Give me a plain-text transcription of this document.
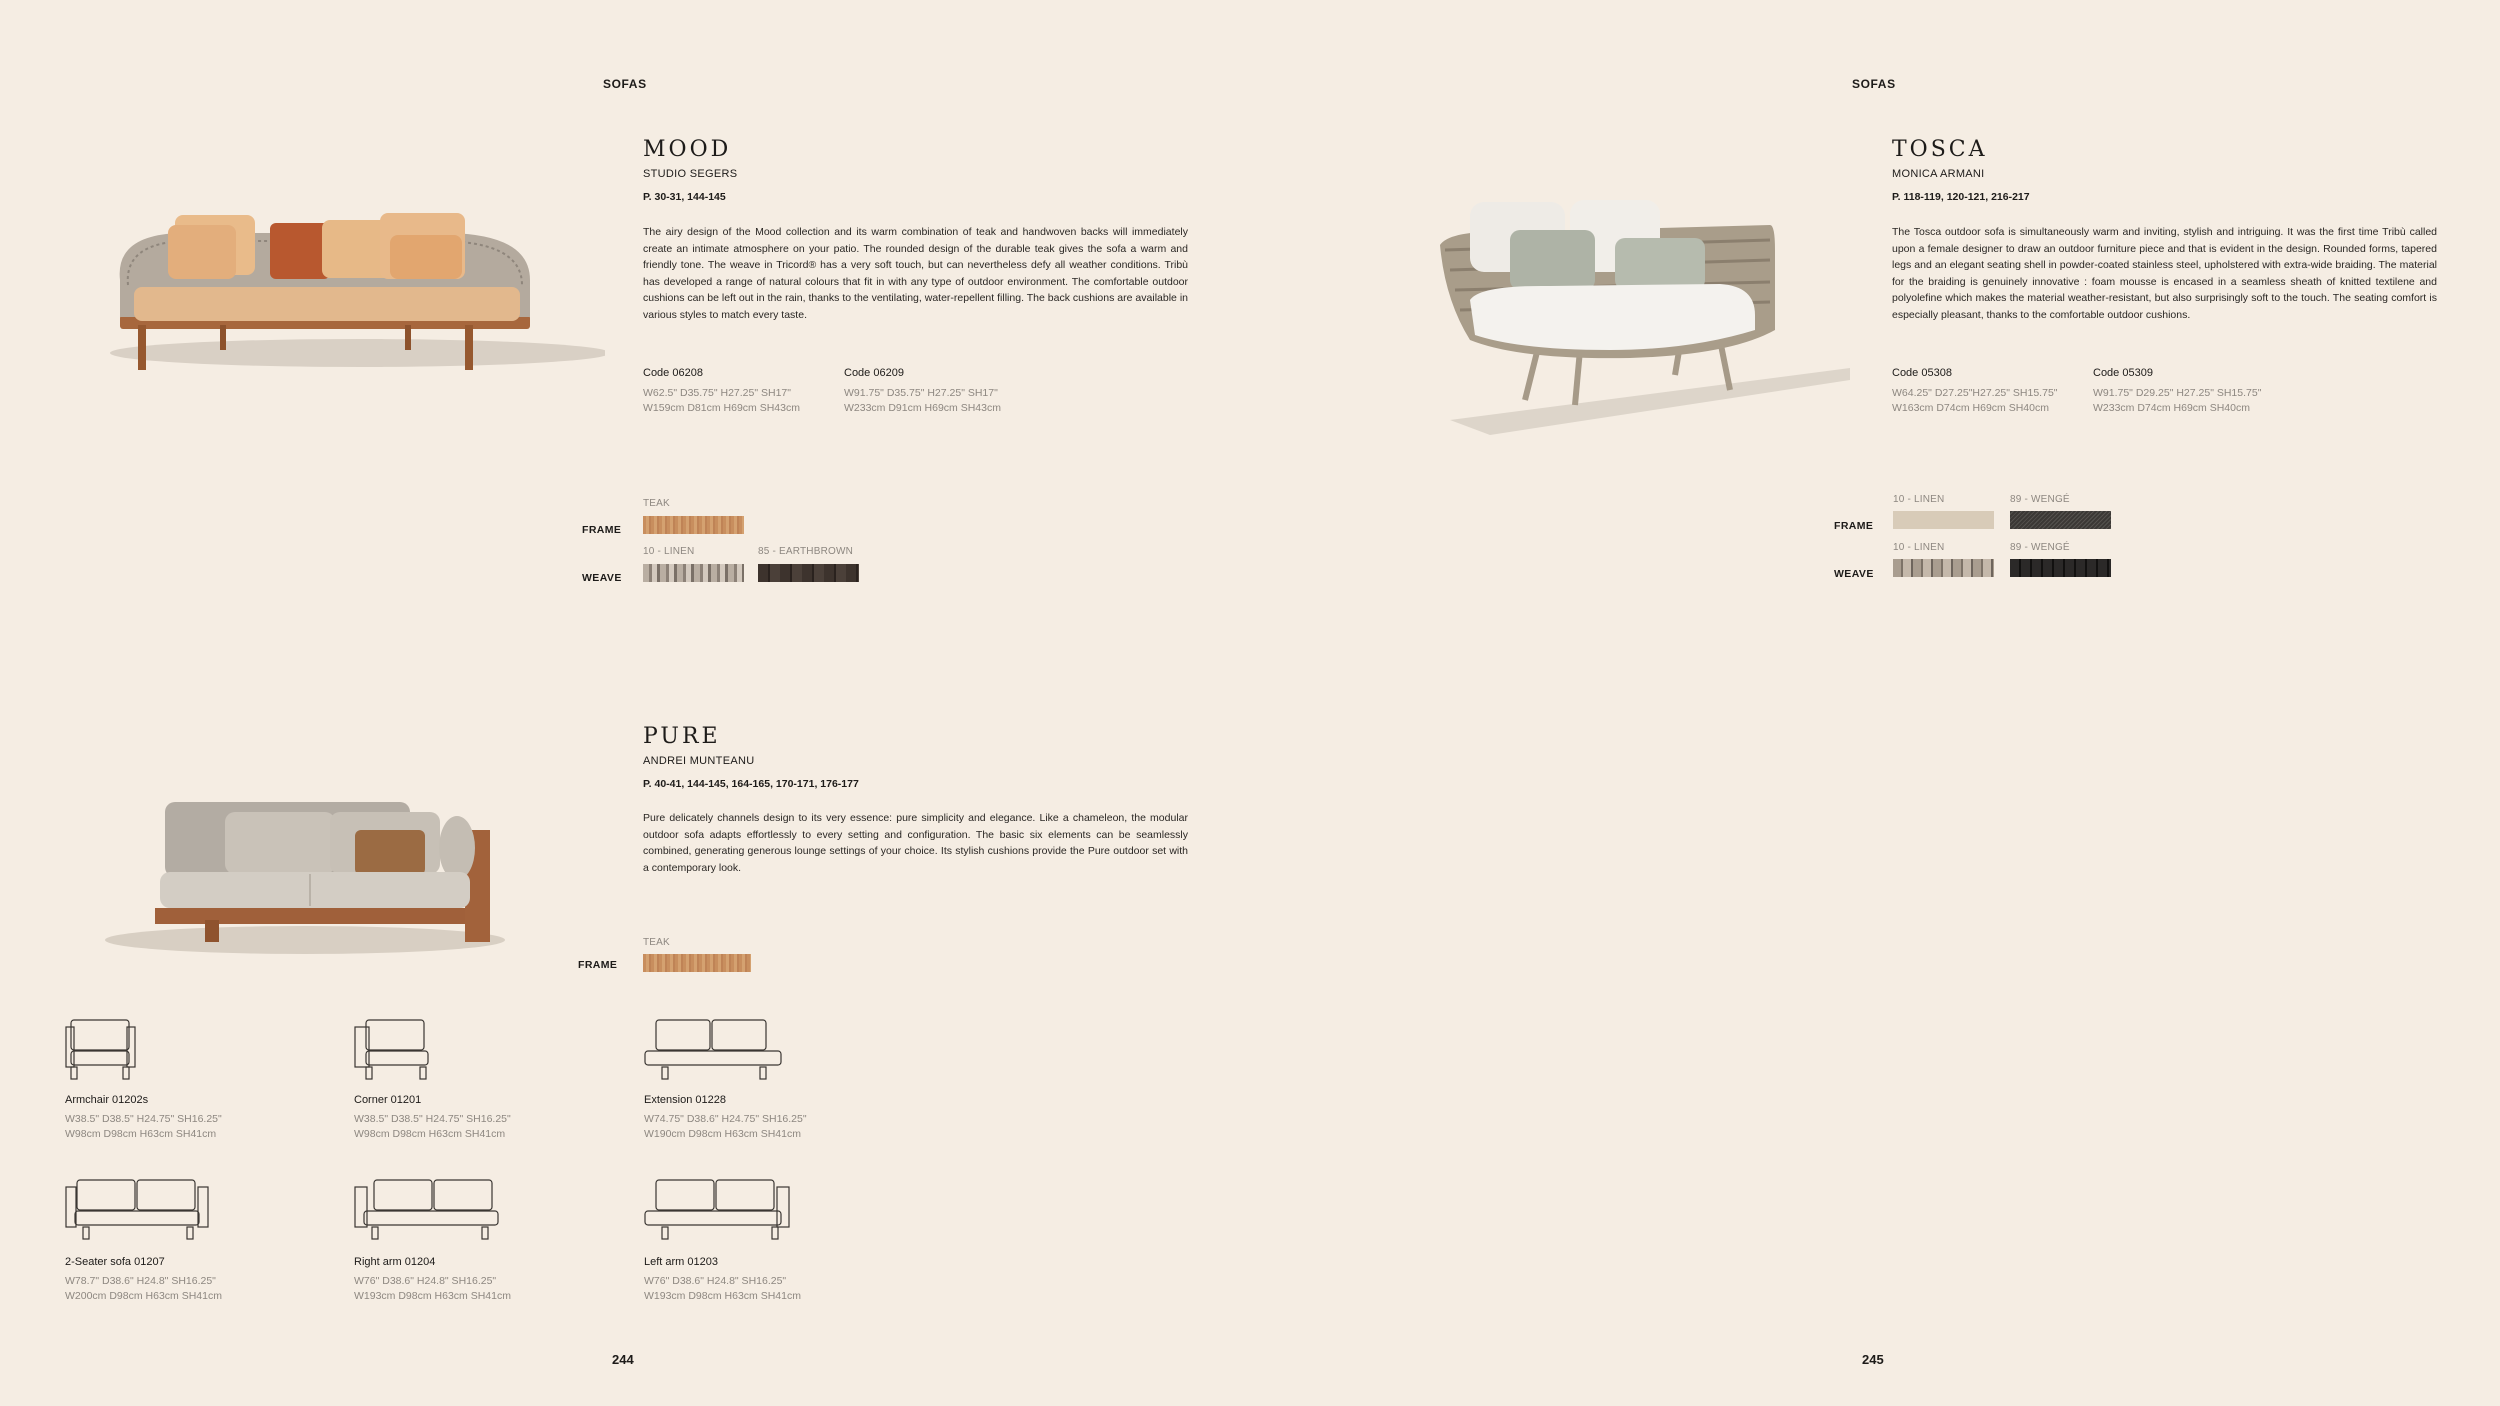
SOFAS
MOOD
STUDIO SEGERS
P. 30-31, 144-145
The airy design of the Mood collection and its warm combination of teak and handwoven backs will immediately create an intimate atmosphere on your patio. The rounded design of the durable teak gives the sofa a warm and friendly tone. The weave in Tricord® has a very soft touch, but can nevertheless defy all weather conditions. Tribù has developed a range of natural colours that fit in with any type of outdoor environment. The comfortable outdoor cushions can be left out in the rain, thanks to the ventilating, water-repellent filling. The back cushions are available in various styles to match every taste.
Code 06208
W62.5" D35.75" H27.25" SH17"
W159cm D81cm H69cm SH43cm
Code 06209
W91.75" D35.75" H27.25" SH17"
W233cm D91cm H69cm SH43cm
FRAME
TEAK
WEAVE
10 - LINEN	85 - EARTHBROWN
PURE
ANDREI MUNTEANU
P. 40-41, 144-145, 164-165, 170-171, 176-177
Pure delicately channels design to its very essence: pure simplicity and elegance. Like a chameleon, the modular outdoor sofa adapts effortlessly to every setting and configuration. The basic six elements can be seamlessly combined, generating generous lounge settings of your choice. Its stylish cushions provide the Pure outdoor set with a contemporary look.
FRAME
TEAK
Armchair 01202s
W38.5" D38.5" H24.75" SH16.25"
W98cm D98cm H63cm SH41cm
Corner 01201
W38.5" D38.5" H24.75" SH16.25"
W98cm D98cm H63cm SH41cm
Extension 01228
W74.75" D38.6" H24.75" SH16.25"
W190cm D98cm H63cm SH41cm
2-Seater sofa 01207
W78.7" D38.6" H24.8" SH16.25"
W200cm D98cm H63cm SH41cm
Right arm 01204
W76" D38.6" H24.8" SH16.25"
W193cm D98cm H63cm SH41cm
Left arm 01203
W76" D38.6" H24.8" SH16.25"
W193cm D98cm H63cm SH41cm
244
SOFAS
TOSCA
MONICA ARMANI
P. 118-119, 120-121, 216-217
The Tosca outdoor sofa is simultaneously warm and inviting, stylish and intriguing. It was the first time Tribù called upon a female designer to draw an outdoor furniture piece and that is evident in the design. Rounded forms, tapered legs and an elegant seating shell in powder-coated stainless steel, upholstered with extra-wide braiding. The material for the braiding is genuinely innovative : foam mousse is encased in a seamless sheath of knitted textilene and polyolefine which makes the material weather-resistant, but also surprisingly soft to the touch. The seating comfort is especially pleasant, thanks to the comfortable outdoor cushions.
Code 05308
W64.25" D27.25"H27.25" SH15.75"
W163cm D74cm H69cm SH40cm
Code 05309
W91.75" D29.25" H27.25" SH15.75"
W233cm D74cm H69cm SH40cm
FRAME
10 - LINEN	89 - WENGÉ
WEAVE
10 - LINEN	89 - WENGÉ
245
